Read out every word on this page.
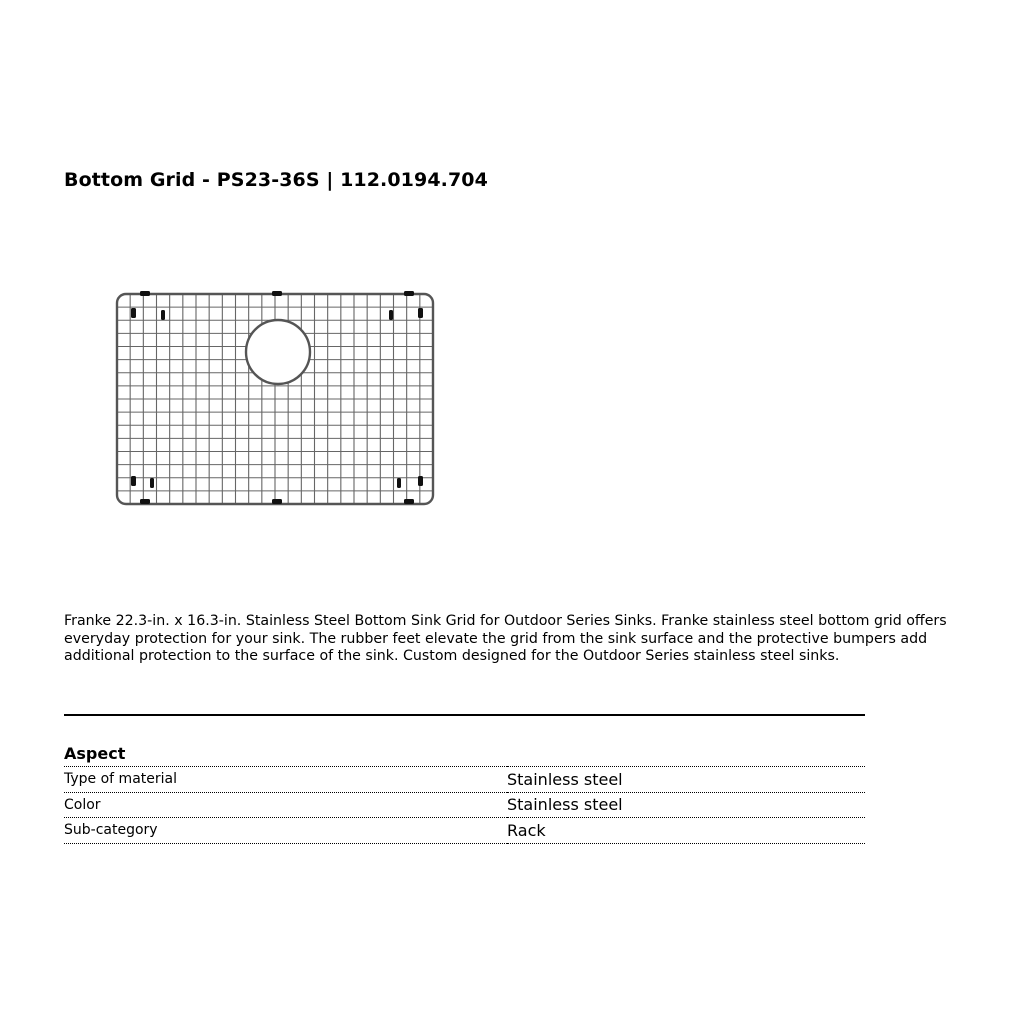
Bottom Grid - PS23-36S | 112.0194.704
Franke 22.3-in. x 16.3-in. Stainless Steel Bottom Sink Grid for Outdoor Series Sinks. Franke stainless steel bottom grid offers everyday protection for your sink. The rubber feet elevate the grid from the sink surface and the protective bumpers add additional protection to the surface of the sink. Custom designed for the Outdoor Series stainless steel sinks.
Aspect
Type of material	Stainless steel
Color	Stainless steel
Sub-category	Rack
